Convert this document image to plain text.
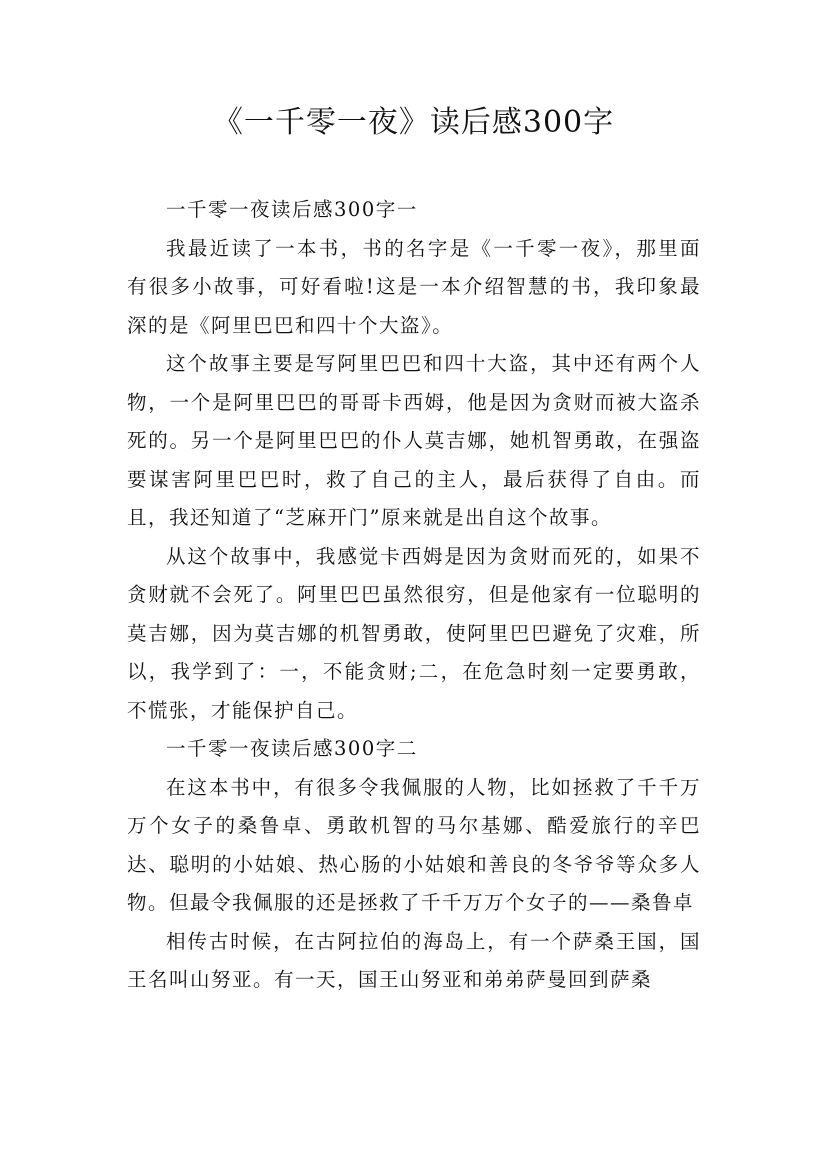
《一千零一夜》读后感300字

一千零一夜读后感300字一

我最近读了一本书，书的名字是《一千零一夜》，那里面有很多小故事，可好看啦!这是一本介绍智慧的书，我印象最深的是《阿里巴巴和四十个大盗》。

这个故事主要是写阿里巴巴和四十大盗，其中还有两个人物，一个是阿里巴巴的哥哥卡西姆，他是因为贪财而被大盗杀死的。另一个是阿里巴巴的仆人莫吉娜，她机智勇敢，在强盗要谋害阿里巴巴时，救了自己的主人，最后获得了自由。而且，我还知道了“芝麻开门”原来就是出自这个故事。

从这个故事中，我感觉卡西姆是因为贪财而死的，如果不贪财就不会死了。阿里巴巴虽然很穷，但是他家有一位聪明的莫吉娜，因为莫吉娜的机智勇敢，使阿里巴巴避免了灾难，所以，我学到了：一，不能贪财;二，在危急时刻一定要勇敢，不慌张，才能保护自己。

一千零一夜读后感300字二

在这本书中，有很多令我佩服的人物，比如拯救了千千万万个女子的桑鲁卓、勇敢机智的马尔基娜、酷爱旅行的辛巴达、聪明的小姑娘、热心肠的小姑娘和善良的冬爷爷等众多人物。但最令我佩服的还是拯救了千千万万个女子的——桑鲁卓

相传古时候，在古阿拉伯的海岛上，有一个萨桑王国，国王名叫山努亚。有一天，国王山努亚和弟弟萨曼回到萨桑
